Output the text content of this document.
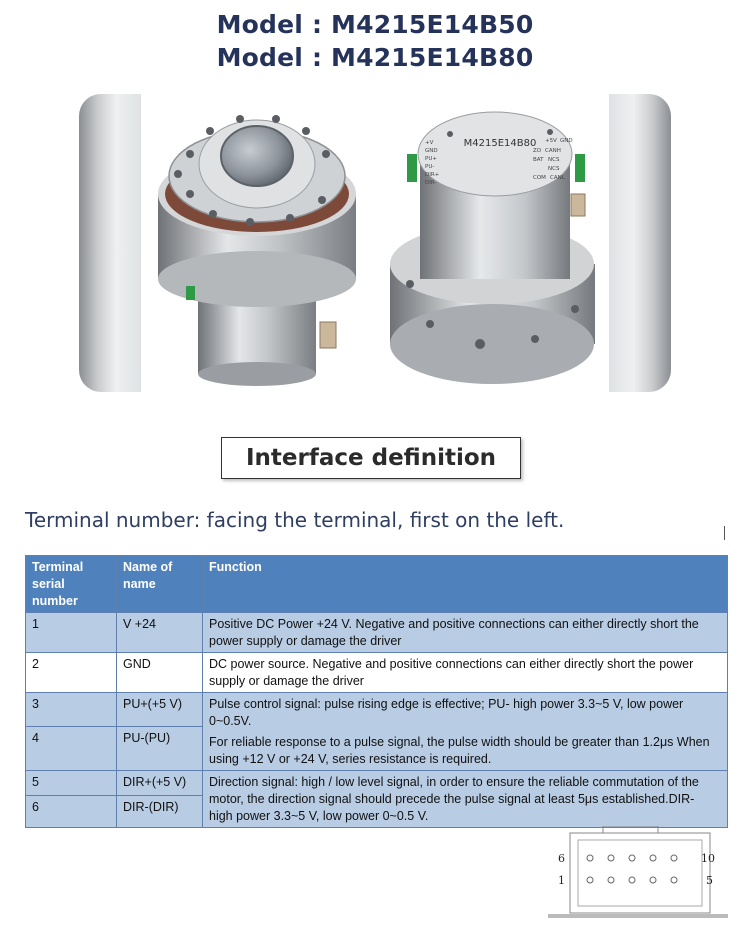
Model : M4215E14B50
Model : M4215E14B80
M4215E14B80
+V
GND
PU+
PU-
DIR+
DIR-
+5V GND
CANH
ZO
BAT NCS
NCS
COM CANL
Interface definition
Terminal number: facing the terminal, first on the left.
Terminal serial number	Name of name	Function
1	V +24	Positive DC Power +24 V. Negative and positive connections can either directly short the power supply or damage the driver
2	GND	DC power source. Negative and positive connections can either directly short the power supply or damage the driver
3	PU+(+5 V)	Pulse control signal: pulse rising edge is effective; PU- high power 3.3~5 V, low power 0~0.5V.
For reliable response to a pulse signal, the pulse width should be greater than 1.2μs When using +12 V or +24 V, series resistance is required.

4	PU-(PU)	
5	DIR+(+5 V)	Direction signal: high / low level signal, in order to ensure the reliable commutation of the motor, the direction signal should precede the pulse signal at least 5μs established.DIR- high power 3.3~5 V, low power 0~0.5 V.
6	DIR-(DIR)	
6	10
1	5
